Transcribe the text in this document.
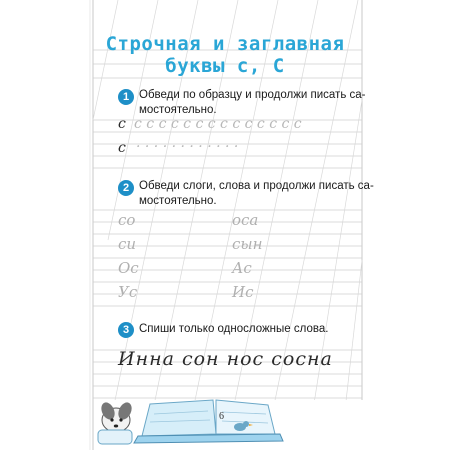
Строчная и заглавная
буквы с, С
1 Обведи по образцу и продолжи писать са-
мостоятельно.
с с с с с с с с с с с с с с с
с · · · · · · · · · · · ·
2 Обведи слоги, слова и продолжи писать са-
мостоятельно.
со
си
Ос
Ус
оса
сын
Ас
Ис
3 Спиши только односложные слова.
Инна сон нос сосна
6
